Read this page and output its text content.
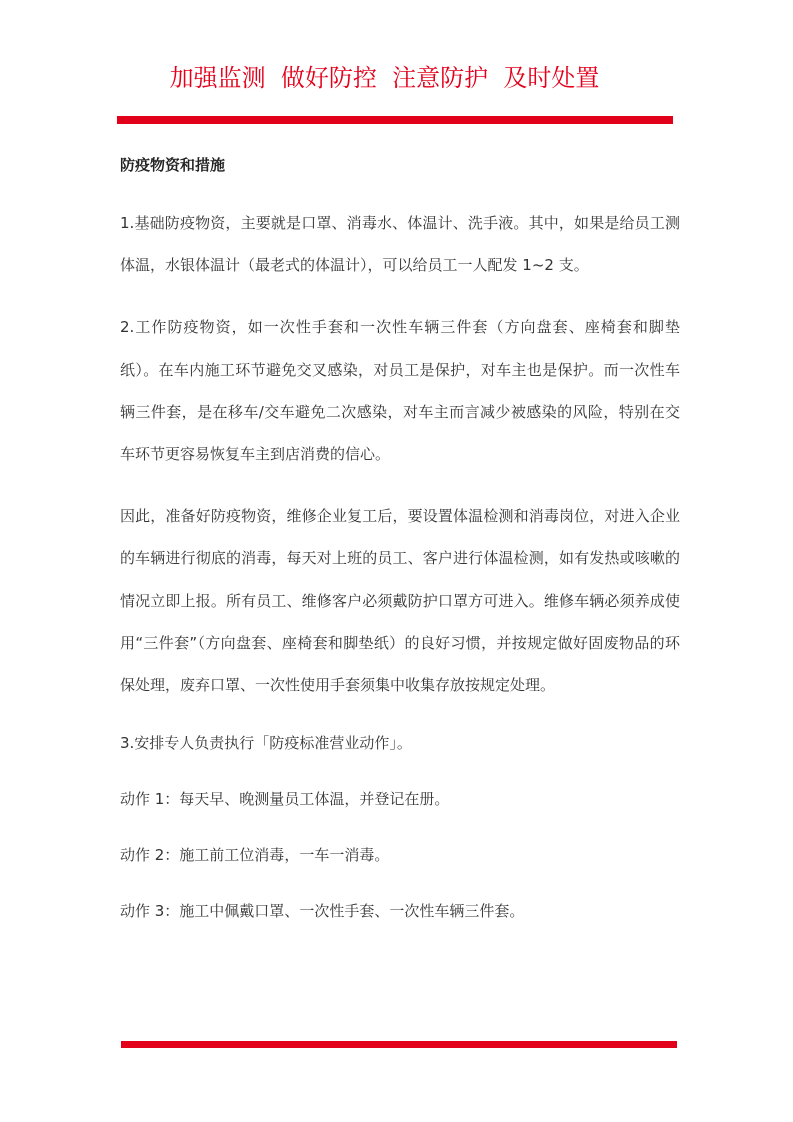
加强监测  做好防控  注意防护  及时处置
防疫物资和措施
1.基础防疫物资，主要就是口罩、消毒水、体温计、洗手液。其中，如果是给员工测体温，水银体温计（最老式的体温计），可以给员工一人配发 1~2 支。
2.工作防疫物资，如一次性手套和一次性车辆三件套（方向盘套、座椅套和脚垫纸）。在车内施工环节避免交叉感染，对员工是保护，对车主也是保护。而一次性车辆三件套，是在移车/交车避免二次感染，对车主而言减少被感染的风险，特别在交车环节更容易恢复车主到店消费的信心。
因此，准备好防疫物资，维修企业复工后，要设置体温检测和消毒岗位，对进入企业的车辆进行彻底的消毒，每天对上班的员工、客户进行体温检测，如有发热或咳嗽的情况立即上报。所有员工、维修客户必须戴防护口罩方可进入。维修车辆必须养成使用“三件套”（方向盘套、座椅套和脚垫纸）的良好习惯，并按规定做好固废物品的环保处理，废弃口罩、一次性使用手套须集中收集存放按规定处理。
3.安排专人负责执行「防疫标准营业动作」。
动作 1：每天早、晚测量员工体温，并登记在册。
动作 2：施工前工位消毒，一车一消毒。
动作 3：施工中佩戴口罩、一次性手套、一次性车辆三件套。
